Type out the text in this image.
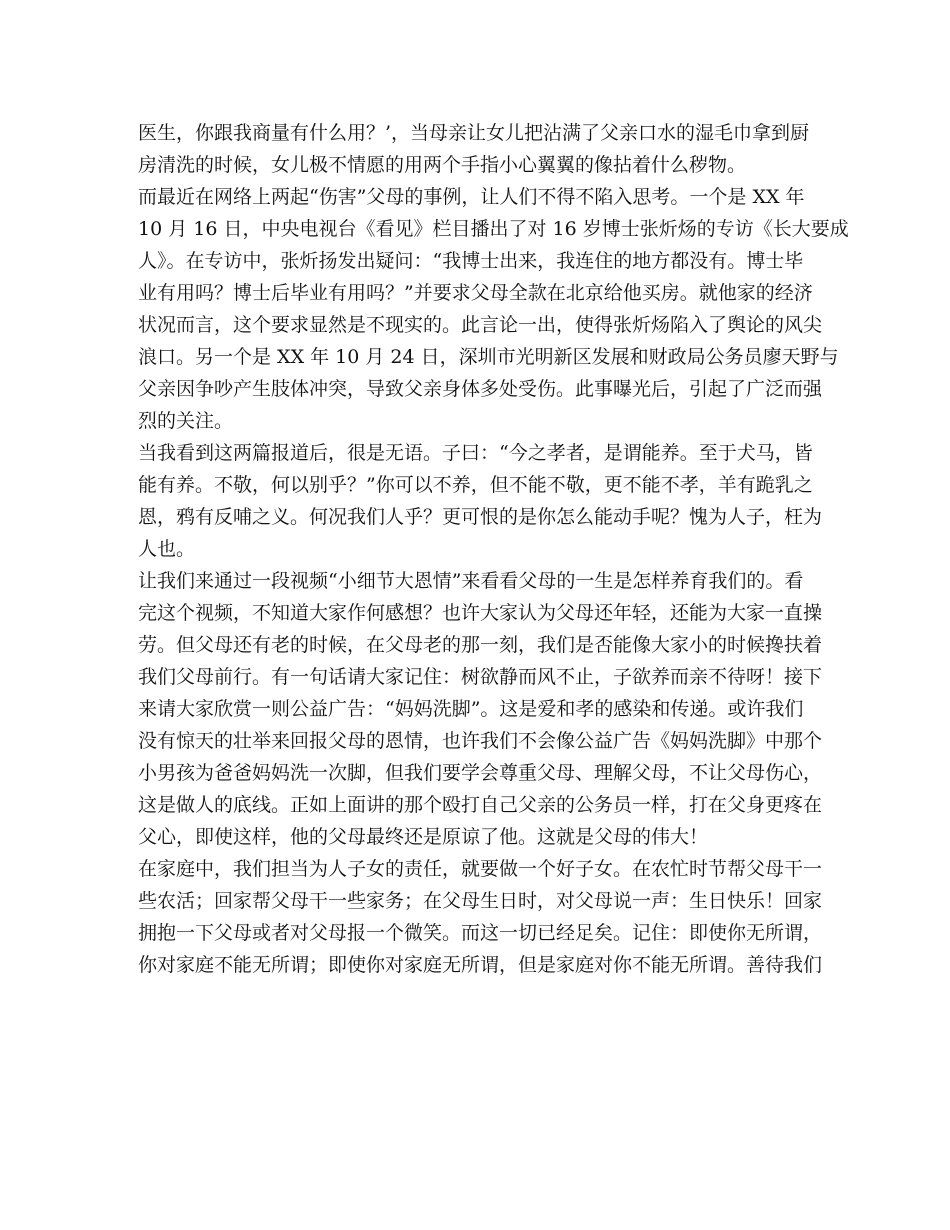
医生，你跟我商量有什么用？’，当母亲让女儿把沾满了父亲口水的湿毛巾拿到厨
房清洗的时候，女儿极不情愿的用两个手指小心翼翼的像拈着什么秽物。
而最近在网络上两起“伤害”父母的事例，让人们不得不陷入思考。一个是 XX 年
10 月 16 日，中央电视台《看见》栏目播出了对 16 岁博士张炘炀的专访《长大要成
人》。在专访中，张炘扬发出疑问：“我博士出来，我连住的地方都没有。博士毕
业有用吗？博士后毕业有用吗？”并要求父母全款在北京给他买房。就他家的经济
状况而言，这个要求显然是不现实的。此言论一出，使得张炘炀陷入了舆论的风尖
浪口。另一个是 XX 年 10 月 24 日，深圳市光明新区发展和财政局公务员廖天野与
父亲因争吵产生肢体冲突，导致父亲身体多处受伤。此事曝光后，引起了广泛而强
烈的关注。
当我看到这两篇报道后，很是无语。子曰：“今之孝者，是谓能养。至于犬马，皆
能有养。不敬，何以别乎？”你可以不养，但不能不敬，更不能不孝，羊有跪乳之
恩，鸦有反哺之义。何况我们人乎？更可恨的是你怎么能动手呢？愧为人子，枉为
人也。
让我们来通过一段视频“小细节大恩情”来看看父母的一生是怎样养育我们的。看
完这个视频，不知道大家作何感想？也许大家认为父母还年轻，还能为大家一直操
劳。但父母还有老的时候，在父母老的那一刻，我们是否能像大家小的时候搀扶着
我们父母前行。有一句话请大家记住：树欲静而风不止，子欲养而亲不待呀！接下
来请大家欣赏一则公益广告：“妈妈洗脚”。这是爱和孝的感染和传递。或许我们
没有惊天的壮举来回报父母的恩情，也许我们不会像公益广告《妈妈洗脚》中那个
小男孩为爸爸妈妈洗一次脚，但我们要学会尊重父母、理解父母，不让父母伤心，
这是做人的底线。正如上面讲的那个殴打自己父亲的公务员一样，打在父身更疼在
父心，即使这样，他的父母最终还是原谅了他。这就是父母的伟大！
在家庭中，我们担当为人子女的责任，就要做一个好子女。在农忙时节帮父母干一
些农活；回家帮父母干一些家务；在父母生日时，对父母说一声：生日快乐！回家
拥抱一下父母或者对父母报一个微笑。而这一切已经足矣。记住：即使你无所谓，
你对家庭不能无所谓；即使你对家庭无所谓，但是家庭对你不能无所谓。善待我们
